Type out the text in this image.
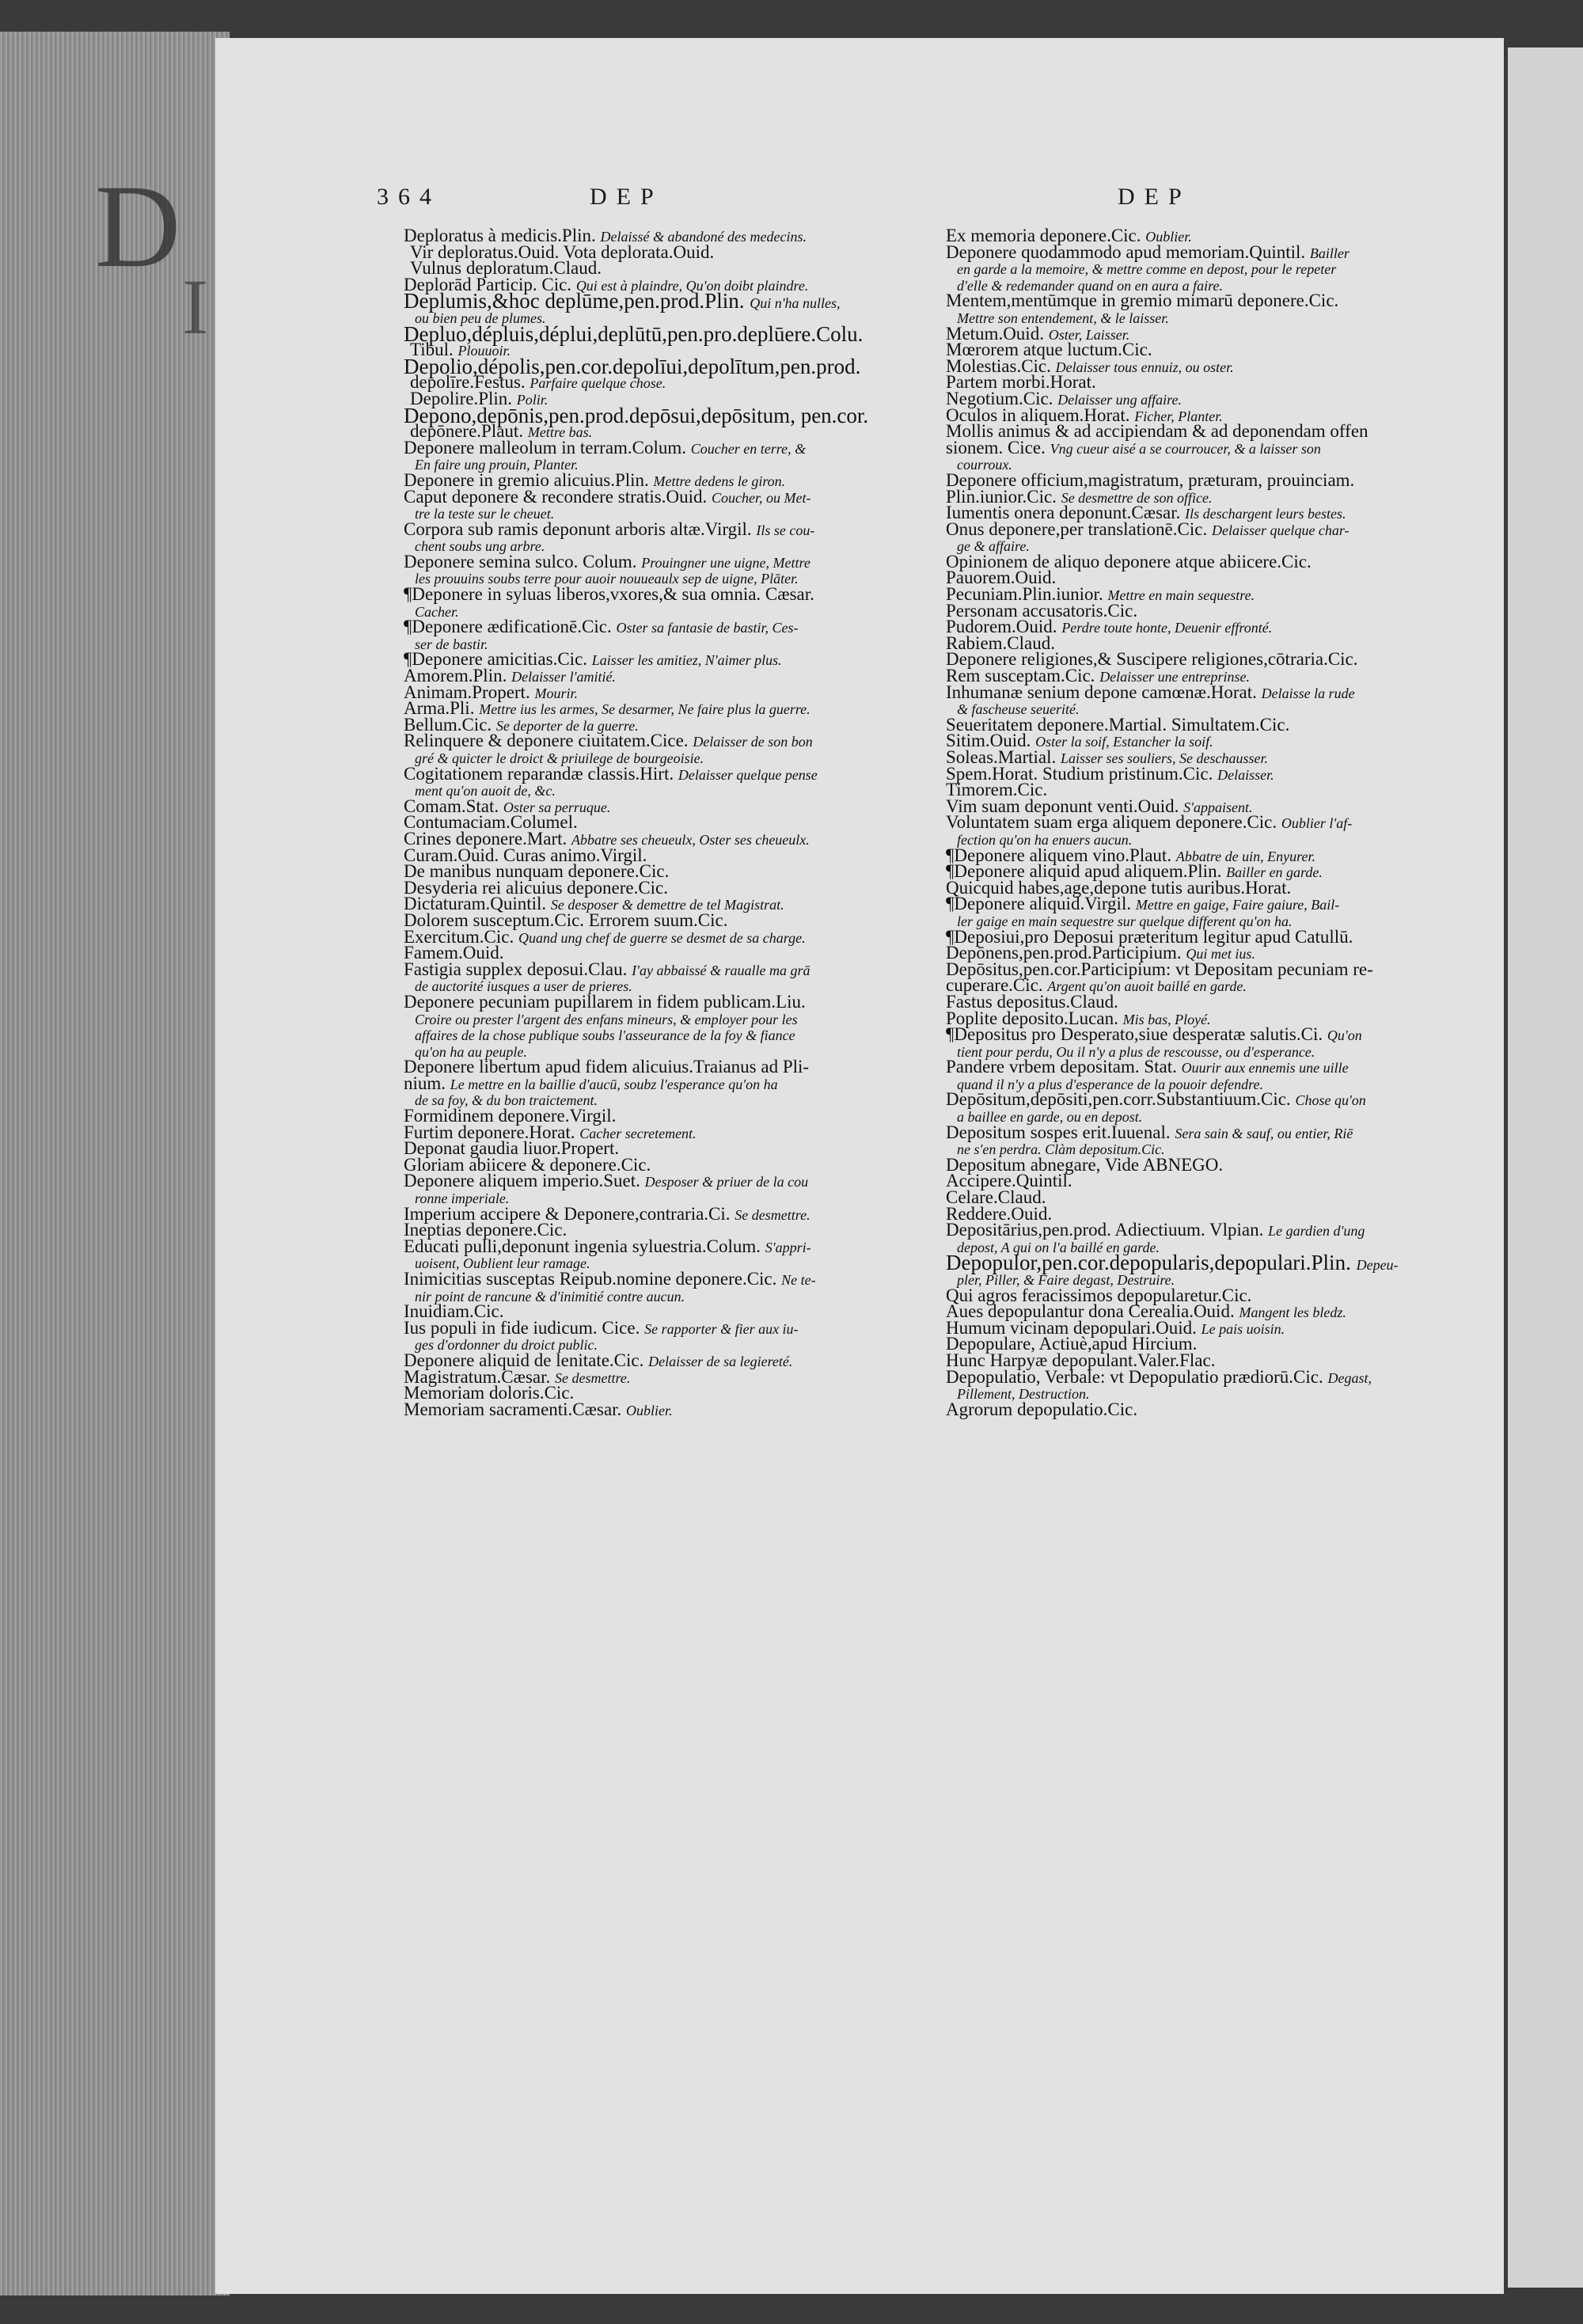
D
I
364	DEP	DEP
Deploratus à medicis.Plin. Delaissé & abandoné des medecins.
Vir deploratus.Ouid. Vota deplorata.Ouid.
Vulnus deploratum.Claud.
Deplorād Particip. Cic. Qui est à plaindre, Qu'on doibt plaindre.
Deplumis,&hoc deplūme,pen.prod.Plin. Qui n'ha nulles,
ou bien peu de plumes.
Depluo,dépluis,déplui,deplūtū,pen.pro.deplūere.Colu.
Tibul. Plouuoir.
Depolio,dépolis,pen.cor.depolīui,depolītum,pen.prod.
depolīre.Festus. Parfaire quelque chose.
Depolire.Plin. Polir.
Depono,depōnis,pen.prod.depōsui,depōsitum, pen.cor.
depōnere.Plaut. Mettre bas.
Deponere malleolum in terram.Colum. Coucher en terre, &
En faire ung prouin, Planter.
Deponere in gremio alicuius.Plin. Mettre dedens le giron.
Caput deponere & recondere stratis.Ouid. Coucher, ou Met-
tre la teste sur le cheuet.
Corpora sub ramis deponunt arboris altæ.Virgil. Ils se cou-
chent soubs ung arbre.
Deponere semina sulco. Colum. Prouingner une uigne, Mettre
les prouuins soubs terre pour auoir nouueaulx sep de uigne, Plāter.
¶Deponere in syluas liberos,vxores,& sua omnia. Cæsar.
Cacher.
¶Deponere ædificationē.Cic. Oster sa fantasie de bastir, Ces-
ser de bastir.
¶Deponere amicitias.Cic. Laisser les amitiez, N'aimer plus.
Amorem.Plin. Delaisser l'amitié.
Animam.Propert. Mourir.
Arma.Pli. Mettre ius les armes, Se desarmer, Ne faire plus la guerre.
Bellum.Cic. Se deporter de la guerre.
Relinquere & deponere ciuitatem.Cice. Delaisser de son bon
gré & quicter le droict & priuilege de bourgeoisie.
Cogitationem reparandæ classis.Hirt. Delaisser quelque pense
ment qu'on auoit de, &c.
Comam.Stat. Oster sa perruque.
Contumaciam.Columel.
Crines deponere.Mart. Abbatre ses cheueulx, Oster ses cheueulx.
Curam.Ouid. Curas animo.Virgil.
De manibus nunquam deponere.Cic.
Desyderia rei alicuius deponere.Cic.
Dictaturam.Quintil. Se desposer & demettre de tel Magistrat.
Dolorem susceptum.Cic. Errorem suum.Cic.
Exercitum.Cic. Quand ung chef de guerre se desmet de sa charge.
Famem.Ouid.
Fastigia supplex deposui.Clau. I'ay abbaissé & raualle ma grā
de auctorité iusques a user de prieres.
Deponere pecuniam pupillarem in fidem publicam.Liu.
Croire ou prester l'argent des enfans mineurs, & employer pour les
affaires de la chose publique soubs l'asseurance de la foy & fiance
qu'on ha au peuple.
Deponere libertum apud fidem alicuius.Traianus ad Pli-
nium. Le mettre en la baillie d'aucū, soubz l'esperance qu'on ha
de sa foy, & du bon traictement.
Formidinem deponere.Virgil.
Furtim deponere.Horat. Cacher secretement.
Deponat gaudia liuor.Propert.
Gloriam abiicere & deponere.Cic.
Deponere aliquem imperio.Suet. Desposer & priuer de la cou
ronne imperiale.
Imperium accipere & Deponere,contraria.Ci. Se desmettre.
Ineptias deponere.Cic.
Educati pulli,deponunt ingenia syluestria.Colum. S'appri-
uoisent, Oublient leur ramage.
Inimicitias susceptas Reipub.nomine deponere.Cic. Ne te-
nir point de rancune & d'inimitié contre aucun.
Inuidiam.Cic.
Ius populi in fide iudicum. Cice. Se rapporter & fier aux iu-
ges d'ordonner du droict public.
Deponere aliquid de lenitate.Cic. Delaisser de sa legiereté.
Magistratum.Cæsar. Se desmettre.
Memoriam doloris.Cic.
Memoriam sacramenti.Cæsar. Oublier.
Ex memoria deponere.Cic. Oublier.
Deponere quodammodo apud memoriam.Quintil. Bailler
en garde a la memoire, & mettre comme en depost, pour le repeter
d'elle & redemander quand on en aura a faire.
Mentem,mentūmque in gremio mimarū deponere.Cic.
Mettre son entendement, & le laisser.
Metum.Ouid. Oster, Laisser.
Mœrorem atque luctum.Cic.
Molestias.Cic. Delaisser tous ennuiz, ou oster.
Partem morbi.Horat.
Negotium.Cic. Delaisser ung affaire.
Oculos in aliquem.Horat. Ficher, Planter.
Mollis animus & ad accipiendam & ad deponendam offen
sionem. Cice. Vng cueur aisé a se courroucer, & a laisser son
courroux.
Deponere officium,magistratum, præturam, prouinciam.
Plin.iunior.Cic. Se desmettre de son office.
Iumentis onera deponunt.Cæsar. Ils deschargent leurs bestes.
Onus deponere,per translationē.Cic. Delaisser quelque char-
ge & affaire.
Opinionem de aliquo deponere atque abiicere.Cic.
Pauorem.Ouid.
Pecuniam.Plin.iunior. Mettre en main sequestre.
Personam accusatoris.Cic.
Pudorem.Ouid. Perdre toute honte, Deuenir effronté.
Rabiem.Claud.
Deponere religiones,& Suscipere religiones,cōtraria.Cic.
Rem susceptam.Cic. Delaisser une entreprinse.
Inhumanæ senium depone camœnæ.Horat. Delaisse la rude
& fascheuse seuerité.
Seueritatem deponere.Martial. Simultatem.Cic.
Sitim.Ouid. Oster la soif, Estancher la soif.
Soleas.Martial. Laisser ses souliers, Se deschausser.
Spem.Horat. Studium pristinum.Cic. Delaisser.
Timorem.Cic.
Vim suam deponunt venti.Ouid. S'appaisent.
Voluntatem suam erga aliquem deponere.Cic. Oublier l'af-
fection qu'on ha enuers aucun.
¶Deponere aliquem vino.Plaut. Abbatre de uin, Enyurer.
¶Deponere aliquid apud aliquem.Plin. Bailler en garde.
Quicquid habes,age,depone tutis auribus.Horat.
¶Deponere aliquid.Virgil. Mettre en gaige, Faire gaiure, Bail-
ler gaige en main sequestre sur quelque different qu'on ha.
¶Deposiui,pro Deposui præteritum legitur apud Catullū.
Depōnens,pen.prod.Participium. Qui met ius.
Depōsitus,pen.cor.Participium: vt Depositam pecuniam re-
cuperare.Cic. Argent qu'on auoit baillé en garde.
Fastus depositus.Claud.
Poplite deposito.Lucan. Mis bas, Ployé.
¶Depositus pro Desperato,siue desperatæ salutis.Ci. Qu'on
tient pour perdu, Ou il n'y a plus de rescousse, ou d'esperance.
Pandere vrbem depositam. Stat. Ouurir aux ennemis une uille
quand il n'y a plus d'esperance de la pouoir defendre.
Depōsitum,depōsiti,pen.corr.Substantiuum.Cic. Chose qu'on
a baillee en garde, ou en depost.
Depositum sospes erit.Iuuenal. Sera sain & sauf, ou entier, Riē
ne s'en perdra. Clàm depositum.Cic.
Depositum abnegare, Vide ABNEGO.
Accipere.Quintil.
Celare.Claud.
Reddere.Ouid.
Depositārius,pen.prod. Adiectiuum. Vlpian. Le gardien d'ung
depost, A qui on l'a baillé en garde.
Depopulor,pen.cor.depopularis,depopulari.Plin. Depeu-
pler, Piller, & Faire degast, Destruire.
Qui agros feracissimos depopularetur.Cic.
Aues depopulantur dona Cerealia.Ouid. Mangent les bledz.
Humum vicinam depopulari.Ouid. Le pais uoisin.
Depopulare, Actiuè,apud Hircium.
Hunc Harpyæ depopulant.Valer.Flac.
Depopulatio, Verbale: vt Depopulatio prædiorū.Cic. Degast,
Pillement, Destruction.
Agrorum depopulatio.Cic.
